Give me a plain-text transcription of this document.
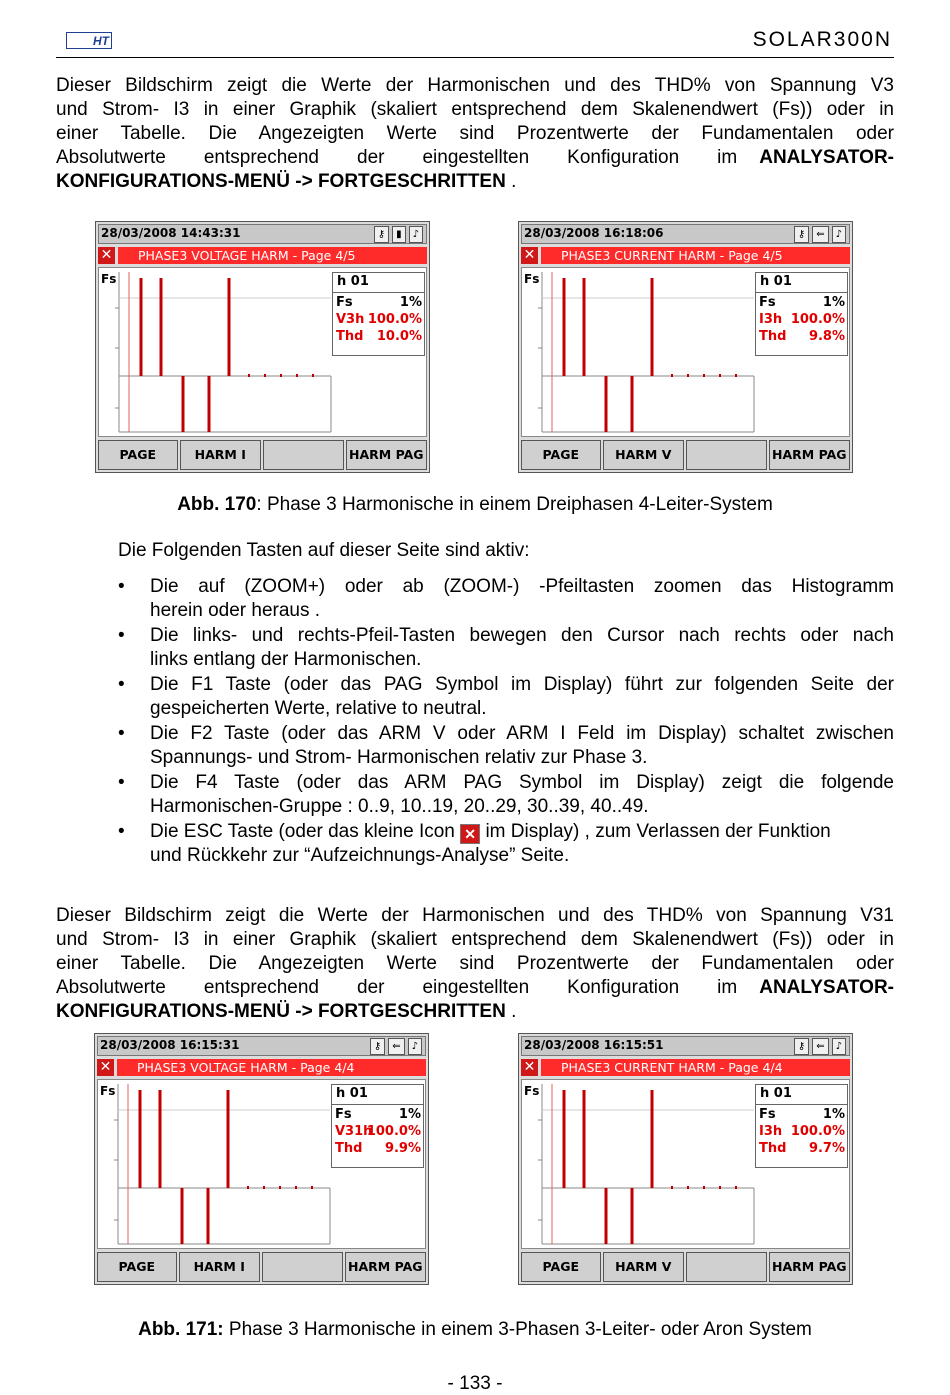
HT	SOLAR300N
Dieser Bildschirm zeigt die Werte der Harmonischen und des THD% von Spannung V3
und Strom- I3 in einer Graphik (skaliert entsprechend dem Skalenendwert (Fs)) oder in
einer Tabelle. Die Angezeigten Werte sind Prozentwerte der Fundamentalen oder
Absolutwerte entsprechend der eingestellten Konfiguration im ANALYSATOR-
KONFIGURATIONS-MENÜ -> FORTGESCHRITTEN .
28/03/2008 14:43:31	⚷	▮	♪
✕	PHASE3 VOLTAGE HARM - Page 4/5
Fs	h 01
Fs	1%
V3h 100.0%
Thd 10.0%
PAGE	HARM I	HARM PAG
28/03/2008 16:18:06	⚷	⇐	♪
✕	PHASE3 CURRENT HARM - Page 4/5
Fs	h 01
Fs	1%
I3h 100.0%
Thd 9.8%
PAGE	HARM V	HARM PAG
Abb. 170: Phase 3 Harmonische in einem Dreiphasen 4-Leiter-System
Die Folgenden Tasten auf dieser Seite sind aktiv:
• Die auf (ZOOM+) oder ab (ZOOM-) -Pfeiltasten zoomen das Histogramm
herein oder heraus .
• Die links- und rechts-Pfeil-Tasten bewegen den Cursor nach rechts oder nach
links entlang der Harmonischen.
• Die F1 Taste (oder das PAG Symbol im Display) führt zur folgenden Seite der
gespeicherten Werte, relative to neutral.
• Die F2 Taste (oder das ARM V oder ARM I Feld im Display) schaltet zwischen
Spannungs- und Strom- Harmonischen relativ zur Phase 3.
• Die F4 Taste (oder das ARM PAG Symbol im Display) zeigt die folgende
Harmonischen-Gruppe : 0..9, 10..19, 20..29, 30..39, 40..49.
• Die ESC Taste (oder das kleine Icon ✕ im Display) , zum Verlassen der Funktion
und Rückkehr zur “Aufzeichnungs-Analyse” Seite.
Dieser Bildschirm zeigt die Werte der Harmonischen und des THD% von Spannung V31
und Strom- I3 in einer Graphik (skaliert entsprechend dem Skalenendwert (Fs)) oder in
einer Tabelle. Die Angezeigten Werte sind Prozentwerte der Fundamentalen oder
Absolutwerte entsprechend der eingestellten Konfiguration im ANALYSATOR-
KONFIGURATIONS-MENÜ -> FORTGESCHRITTEN .
28/03/2008 16:15:31	⚷	⇐	♪
✕	PHASE3 VOLTAGE HARM - Page 4/4
Fs	h 01
Fs	1%
V31h
100.0%
Thd 9.9%
PAGE	HARM I	HARM PAG
28/03/2008 16:15:51	⚷	⇐	♪
✕	PHASE3 CURRENT HARM - Page 4/4
Fs	h 01
Fs	1%
I3h 100.0%
Thd 9.7%
PAGE	HARM V	HARM PAG
Abb. 171: Phase 3 Harmonische in einem 3-Phasen 3-Leiter- oder Aron System
- 133 -
